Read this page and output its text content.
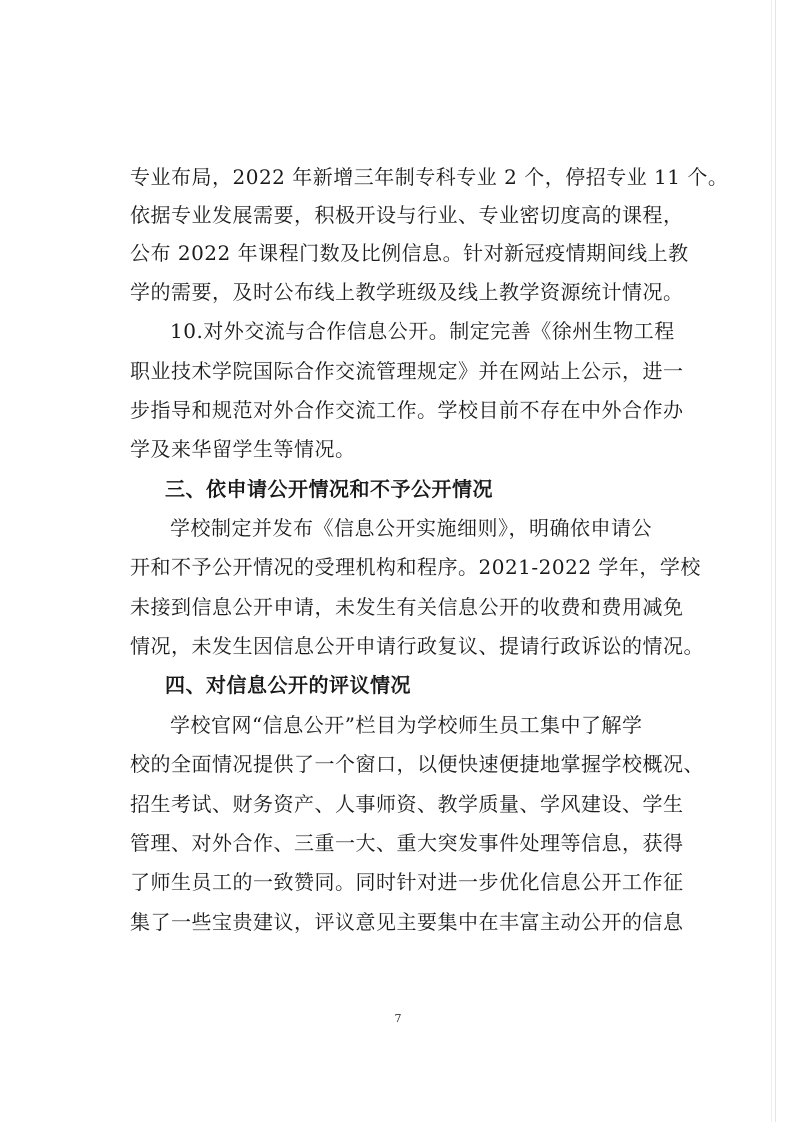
专业布局，2022 年新增三年制专科专业 2 个，停招专业 11 个。
依据专业发展需要，积极开设与行业、专业密切度高的课程，
公布 2022 年课程门数及比例信息。针对新冠疫情期间线上教
学的需要，及时公布线上教学班级及线上教学资源统计情况。
10.对外交流与合作信息公开。制定完善《徐州生物工程
职业技术学院国际合作交流管理规定》并在网站上公示，进一
步指导和规范对外合作交流工作。学校目前不存在中外合作办
学及来华留学生等情况。
三、依申请公开情况和不予公开情况
学校制定并发布《信息公开实施细则》，明确依申请公
开和不予公开情况的受理机构和程序。2021-2022 学年，学校
未接到信息公开申请，未发生有关信息公开的收费和费用减免
情况，未发生因信息公开申请行政复议、提请行政诉讼的情况。
四、对信息公开的评议情况
学校官网“信息公开”栏目为学校师生员工集中了解学
校的全面情况提供了一个窗口，以便快速便捷地掌握学校概况、
招生考试、财务资产、人事师资、教学质量、学风建设、学生
管理、对外合作、三重一大、重大突发事件处理等信息，获得
了师生员工的一致赞同。同时针对进一步优化信息公开工作征
集了一些宝贵建议，评议意见主要集中在丰富主动公开的信息
7
